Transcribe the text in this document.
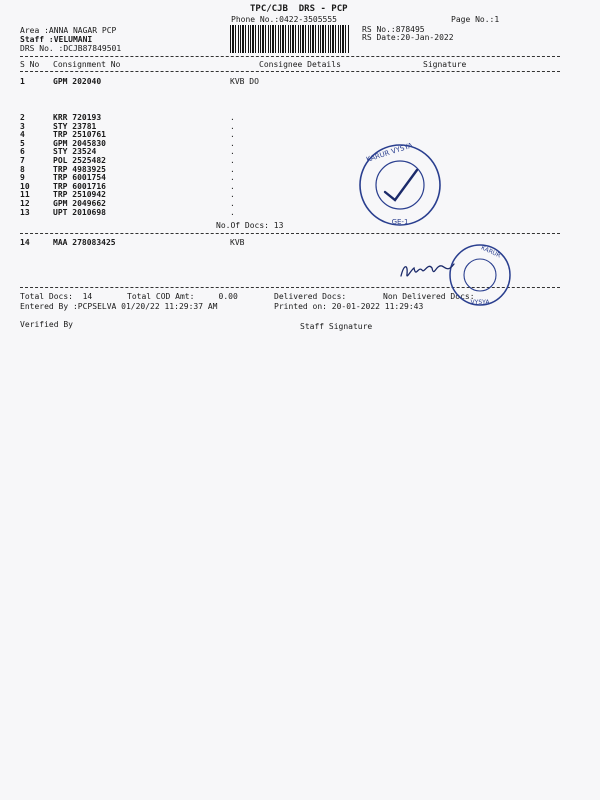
TPC/CJB  DRS - PCP
Phone No.:0422-3505555	Page No.:1
Area :ANNA NAGAR PCP
Staff :VELUMANI
DRS No. :DCJB87849501
RS No.:878495
RS Date:20-Jan-2022
S No Consignment No	Consignee Details	Signature
1	GPM 202040	KVB DO
2	KRR 720193	.
3	STY 23781	.
4	TRP 2510761	.
5	GPM 2045830	.
6	STY 23524	.
7	POL 2525482	.
8	TRP 4983925	.
9	TRP 6001754	.
10	TRP 6001716	.
11	TRP 2510942	.
12	GPM 2049662	.
13	UPT 2010698	.
No.Of Docs: 13
14	MAA 278083425	KVB
Total Docs:  14	Total COD Amt:     0.00	Delivered Docs:	Non Delivered Docs:
Entered By :PCPSELVA 01/20/22 11:29:37 AM	Printed on: 20-01-2022 11:29:43
Verified By	Staff Signature
KARUR VYSYA
GE-1
KARUR
VYSYA
